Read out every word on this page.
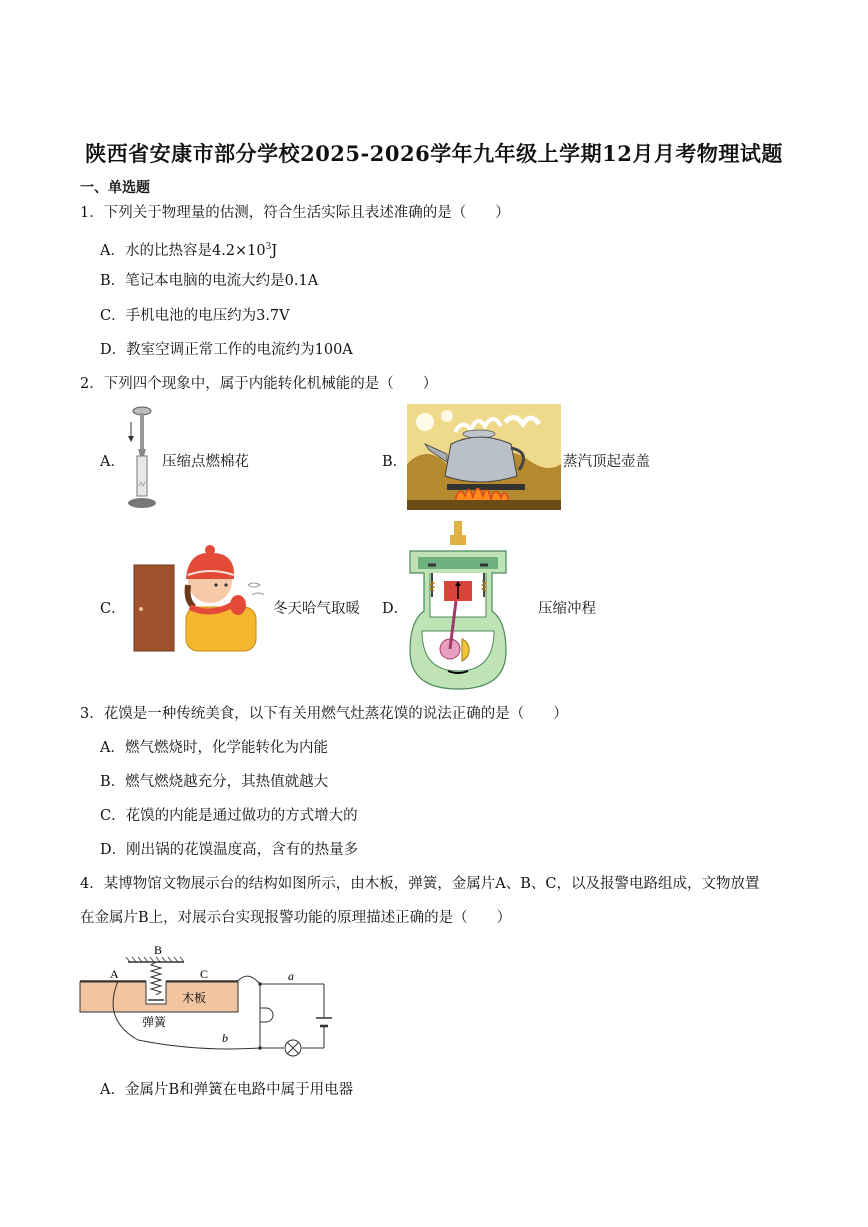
陕西省安康市部分学校2025-2026学年九年级上学期12月月考物理试题
一、单选题
1．下列关于物理量的估测，符合生活实际且表述准确的是（　　）
A．水的比热容是$4.2\times 10^3J$
B．笔记本电脑的电流大约是0.1A
C．手机电池的电压约为3.7V
D．教室空调正常工作的电流约为100A
2．下列四个现象中，属于内能转化机械能的是（　　）
A．	压缩点燃棉花	B．	蒸汽顶起壶盖
C．	冬天哈气取暖 D．	压缩冲程
3．花馍是一种传统美食，以下有关用燃气灶蒸花馍的说法正确的是（　　）
A．燃气燃烧时，化学能转化为内能
B．燃气燃烧越充分，其热值就越大
C．花馍的内能是通过做功的方式增大的
D．刚出锅的花馍温度高，含有的热量多
4．某博物馆文物展示台的结构如图所示，由木板，弹簧，金属片A、B、C，以及报警电路组成，文物放置
在金属片B上，对展示台实现报警功能的原理描述正确的是（　　）
B
A	C
木板
弹簧
a
b
A．金属片B和弹簧在电路中属于用电器
